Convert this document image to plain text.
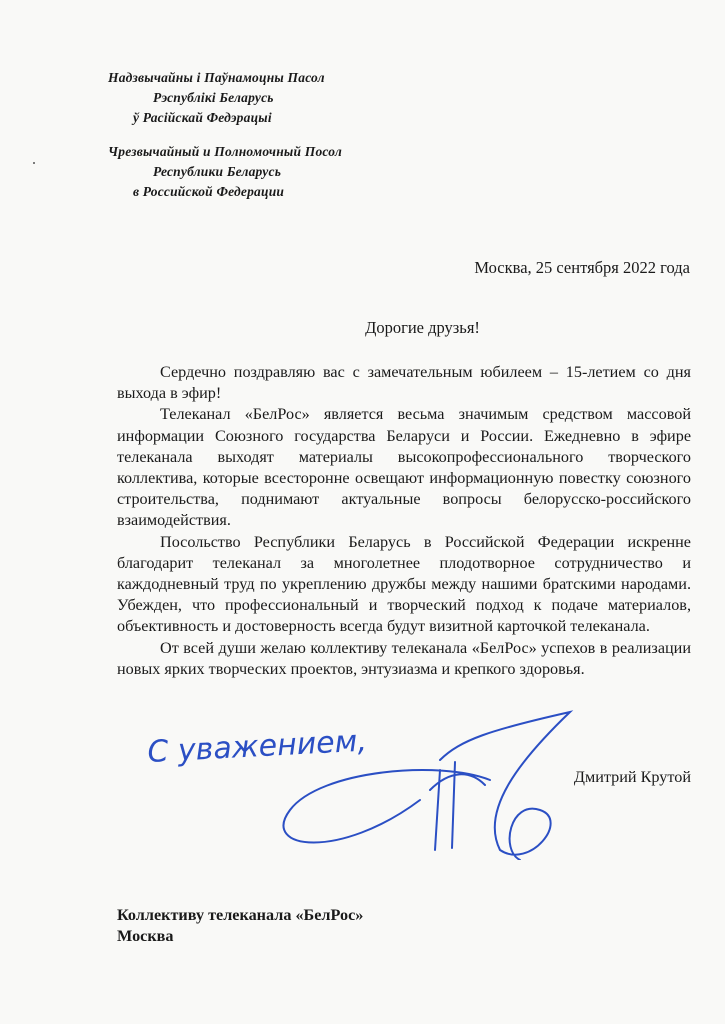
Надзвычайны і Паўнамоцны Пасол
Рэспублікі Беларусь
ў Расійскай Федэрацыі
Чрезвычайный и Полномочный Посол
Республики Беларусь
в Российской Федерации
Москва, 25 сентября 2022 года
Дорогие друзья!

Сердечно поздравляю вас с замечательным юбилеем – 15-летием со дня выхода в эфир!

Телеканал «БелРос» является весьма значимым средством массовой информации Союзного государства Беларуси и России. Ежедневно в эфире телеканала выходят материалы высокопрофессионального творческого коллектива, которые всесторонне освещают информационную повестку союзного строительства, поднимают актуальные вопросы белорусско-российского взаимодействия.

Посольство Республики Беларусь в Российской Федерации искренне благодарит телеканал за многолетнее плодотворное сотрудничество и каждодневный труд по укреплению дружбы между нашими братскими народами. Убежден, что профессиональный и творческий подход к подаче материалов, объективность и достоверность всегда будут визитной карточкой телеканала.

От всей души желаю коллективу телеканала «БелРос» успехов в реализации новых ярких творческих проектов, энтузиазма и крепкого здоровья.

С уважением,
Дмитрий Крутой
Коллективу телеканала «БелРос»
Москва
